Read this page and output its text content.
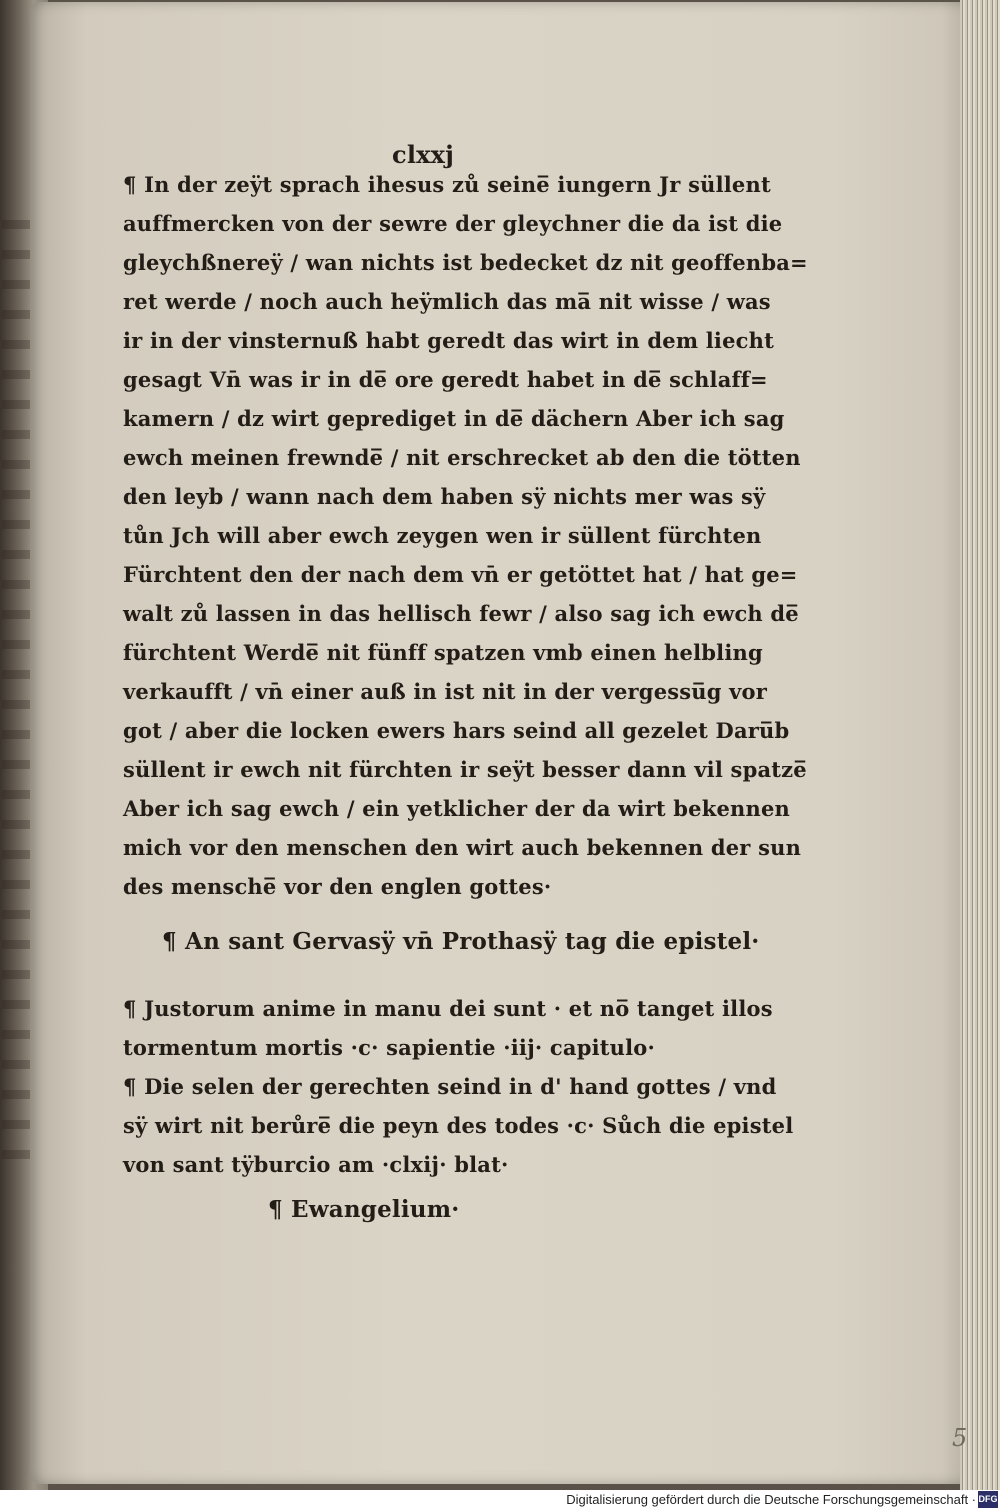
clxxj

¶ In der zeÿt sprach ihesus zů seine̅ iungern Jr süllent

auffmercken von der sewre der gleychner die da ist die

gleychßnereÿ / wan nichts ist bedecket dz nit geoffenba=

ret werde / noch auch heÿmlich das ma̅ nit wisse / was

ir in der vinsternuß habt geredt das wirt in dem liecht

gesagt Vn̄ was ir in de̅ ore geredt habet in de̅ schlaff=

kamern / dz wirt geprediget in de̅ dächern Aber ich sag

ewch meinen frewnde̅ / nit erschrecket ab den die tötten

den leyb / wann nach dem haben sÿ nichts mer was sÿ

tůn Jch will aber ewch zeygen wen ir süllent fürchten

Fürchtent den der nach dem vn̄ er getöttet hat / hat ge=

walt zů lassen in das hellisch fewr / also sag ich ewch de̅

fürchtent Werde̅ nit fünff spatzen vmb einen helbling

verkaufft / vn̄ einer auß in ist nit in der vergessu̅g vor

got / aber die locken ewers hars seind all gezelet Daru̅b

süllent ir ewch nit fürchten ir seÿt besser dann vil spatze̅

Aber ich sag ewch / ein yetklicher der da wirt bekennen

mich vor den menschen den wirt auch bekennen der sun

des mensche̅ vor den englen gottes·

¶ An sant Gervasÿ vn̄ Prothasÿ tag die epistel·

¶ Justorum anime in manu dei sunt · et no̅ tanget illos

tormentum mortis ·c· sapientie ·iij· capitulo·

¶ Die selen der gerechten seind in d' hand gottes / vnd

sÿ wirt nit berůre̅ die peyn des todes ·c· Sůch die epistel

von sant tÿburcio am ·clxij· blat·

¶ Ewangelium·

5

Digitalisierung gefördert durch die Deutsche Forschungsgemeinschaft · DFG
